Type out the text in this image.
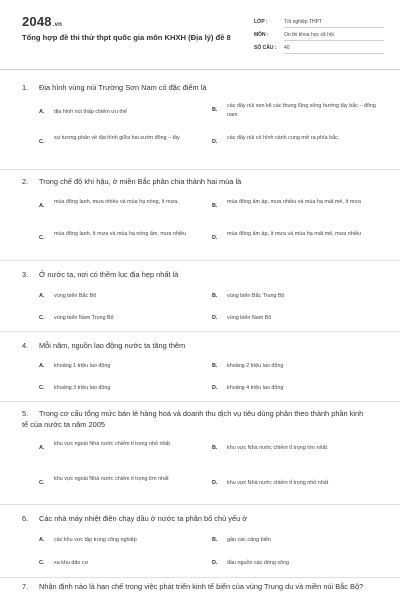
2048.vn
Tổng hợp đề thi thử thpt quốc gia môn KHXH (Địa lý) đề 8
LỚP :	Tốt nghiệp THPT
MÔN :	Ôn thi khoa học xã hội
SỐ CÂU : 40
1. Địa hình vùng núi Trường Sơn Nam có đặc điểm là
A. địa hình núi thấp chiếm ưu thế	B.
các dãy núi xen kẽ các thung lũng sông hướng tây bắc – đông nam
C.
sự tương phản về địa hình giữa hai sườn đông – tây
D.
các dãy núi có hình cánh cung mở ra phía bắc.
2. Trong chế độ khí hậu, ở miền Bắc phân chia thành hai mùa là
A.
mùa đông lạnh, mưa nhiều và mùa hạ nóng, ít mưa.
B.
mùa đông ấm áp, mưa nhiều và mùa hạ mát mẻ, ít mưa
C.
mùa đông lạnh, ít mưa và mùa hạ nóng ẩm, mưa nhiều
D.
mùa đông ấm áp, ít mưa và mùa hạ mát mẻ, mưa nhiều
3. Ở nước ta, nơi có thềm lục địa hẹp nhất là
A. vùng biển Bắc Bộ	B. vùng biển Bắc Trung Bộ
C. vùng biển Nam Trung Bộ	D. vùng biển Nam Bộ
4. Mỗi năm, nguồn lao động nước ta tăng thêm
A. khoảng 1 triệu lao động	B. khoảng 2 triệu lao động
C. khoảng 3 triệu lao động	D. khoảng 4 triệu lao động
5. Trong cơ cấu tổng mức bán lẻ hàng hoá và doanh thu dịch vụ tiêu dùng phân theo thành phần kinh tế của nước ta năm 2005
A.
khu vực ngoài Nhà nước chiếm tỉ trọng nhỏ nhất
B. khu vực Nhà nước chiếm tỉ trọng lớn nhất
C.
khu vực ngoài Nhà nước chiếm tỉ trọng lớn nhất
D. khu vực Nhà nước chiếm tỉ trọng nhỏ nhất
6. Các nhà máy nhiệt điện chạy dầu ở nước ta phân bố chủ yếu ở
A. các khu vực tập trung công nghiệp	B. gần các cảng biển
C. xa khu dân cư	D. đầu nguồn các dòng sông
7. Nhận định nào là hạn chế trong việc phát triển kinh tế biển của vùng Trung du và miền núi Bắc Bộ?
